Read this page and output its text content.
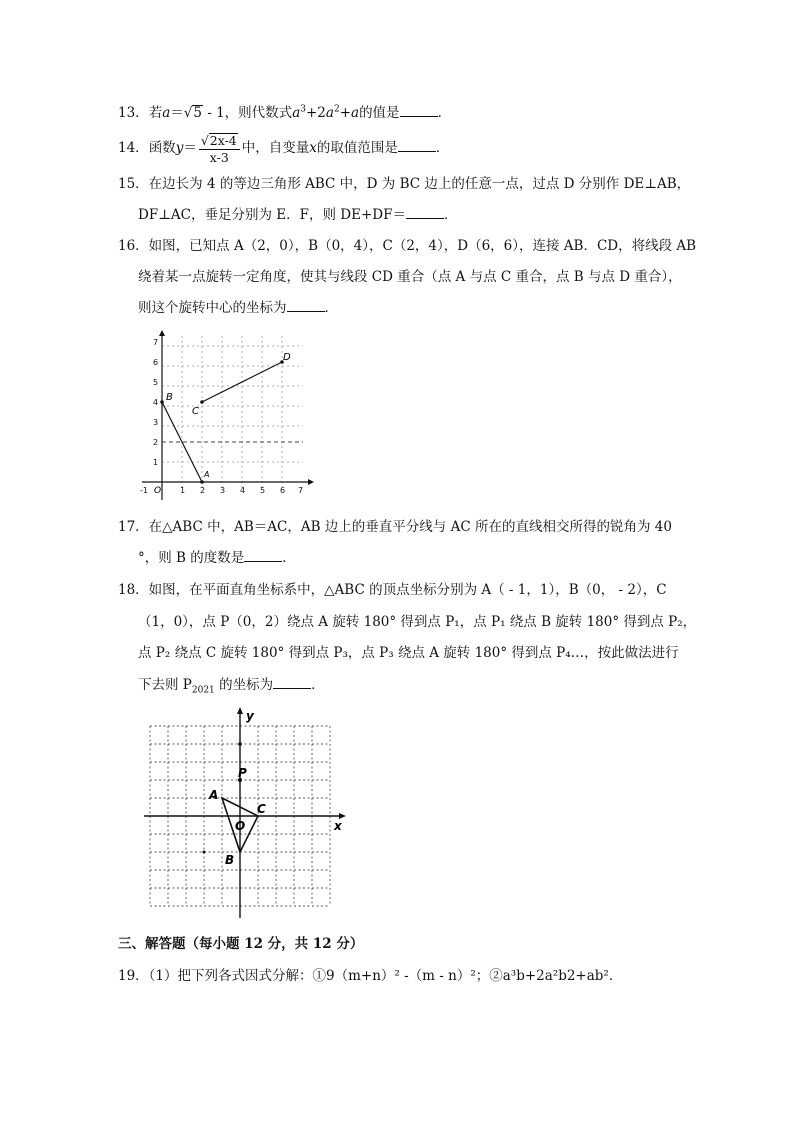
13．若a＝√5 - 1，则代数式$a^3+2a^2+a$的值是	．
14．函数$y= \frac{√2x-4}{x-3}$ 中，自变量x的取值范围是	．
15．在边长为 4 的等边三角形 ABC 中，D 为 BC 边上的任意一点，过点 D 分别作 DE⊥AB，
DF⊥AC，垂足分别为 E．F，则 DE+DF＝	．
16．如图，已知点 A（2，0），B（0，4），C（2，4），D（6，6），连接 AB．CD，将线段 AB
绕着某一点旋转一定角度，使其与线段 CD 重合（点 A 与点 C 重合，点 B 与点 D 重合），
则这个旋转中心的坐标为	．
B
C
D
A
O
-1	1 2 3 4 5 6 7
1
2
3
4
5
6
7
17．在△ABC 中，AB＝AC，AB 边上的垂直平分线与 AC 所在的直线相交所得的锐角为 40
°，则 B 的度数是	．
18．如图，在平面直角坐标系中，△ABC 的顶点坐标分别为 A（ - 1，1），B（0， - 2），C
（1，0），点 P（0，2）绕点 A 旋转 180° 得到点 P₁，点 P₁ 绕点 B 旋转 180° 得到点 P₂，
点 P₂ 绕点 C 旋转 180° 得到点 P₃，点 P₃ 绕点 A 旋转 180° 得到点 P₄…，按此做法进行
下去则 $P_{2021}$ 的坐标为	．
y
x
P
A
C
O
B
三、解答题（每小题 12 分，共 12 分）
19．（1）把下列各式因式分解：①9（m+n）² -（m - n）²；②a³b+2a²b2+ab²．
